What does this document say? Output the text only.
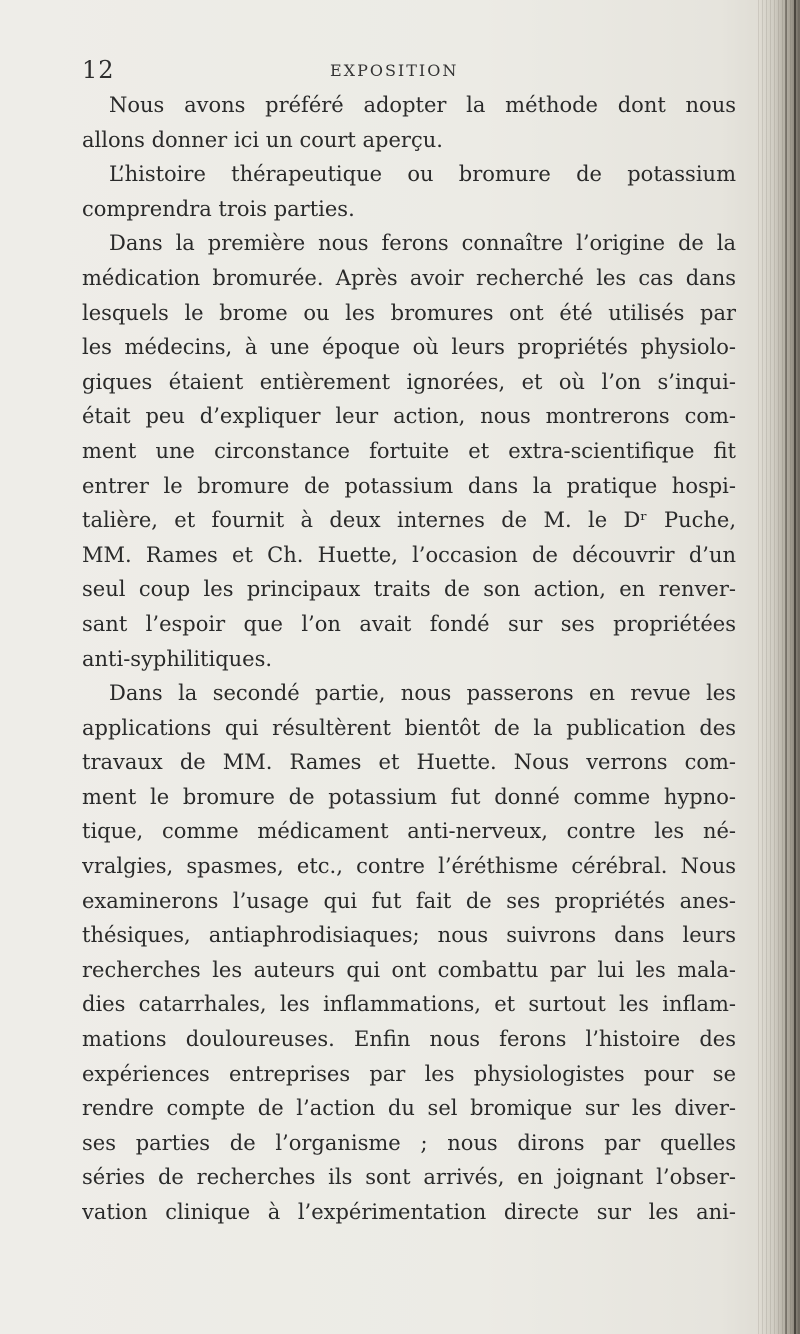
12	EXPOSITION
Nous avons préféré adopter la méthode dont nous
allons donner ici un court aperçu.
L’histoire thérapeutique ou bromure de potassium
comprendra trois parties.
Dans la première nous ferons connaître l’origine de la
médication bromurée. Après avoir recherché les cas dans
lesquels le brome ou les bromures ont été utilisés par
les médecins, à une époque où leurs propriétés physiolo-
giques étaient entièrement ignorées, et où l’on s’inqui-
était peu d’expliquer leur action, nous montrerons com-
ment une circonstance fortuite et extra-scientifique fit
entrer le bromure de potassium dans la pratique hospi-
talière, et fournit à deux internes de M. le Dʳ Puche,
MM. Rames et Ch. Huette, l’occasion de découvrir d’un
seul coup les principaux traits de son action, en renver-
sant l’espoir que l’on avait fondé sur ses propriétées
anti-syphilitiques.
Dans la secondé partie, nous passerons en revue les
applications qui résultèrent bientôt de la publication des
travaux de MM. Rames et Huette. Nous verrons com-
ment le bromure de potassium fut donné comme hypno-
tique, comme médicament anti-nerveux, contre les né-
vralgies, spasmes, etc., contre l’éréthisme cérébral. Nous
examinerons l’usage qui fut fait de ses propriétés anes-
thésiques, antiaphrodisiaques; nous suivrons dans leurs
recherches les auteurs qui ont combattu par lui les mala-
dies catarrhales, les inflammations, et surtout les inflam-
mations douloureuses. Enfin nous ferons l’histoire des
expériences entreprises par les physiologistes pour se
rendre compte de l’action du sel bromique sur les diver-
ses parties de l’organisme ; nous dirons par quelles
séries de recherches ils sont arrivés, en joignant l’obser-
vation clinique à l’expérimentation directe sur les ani-
